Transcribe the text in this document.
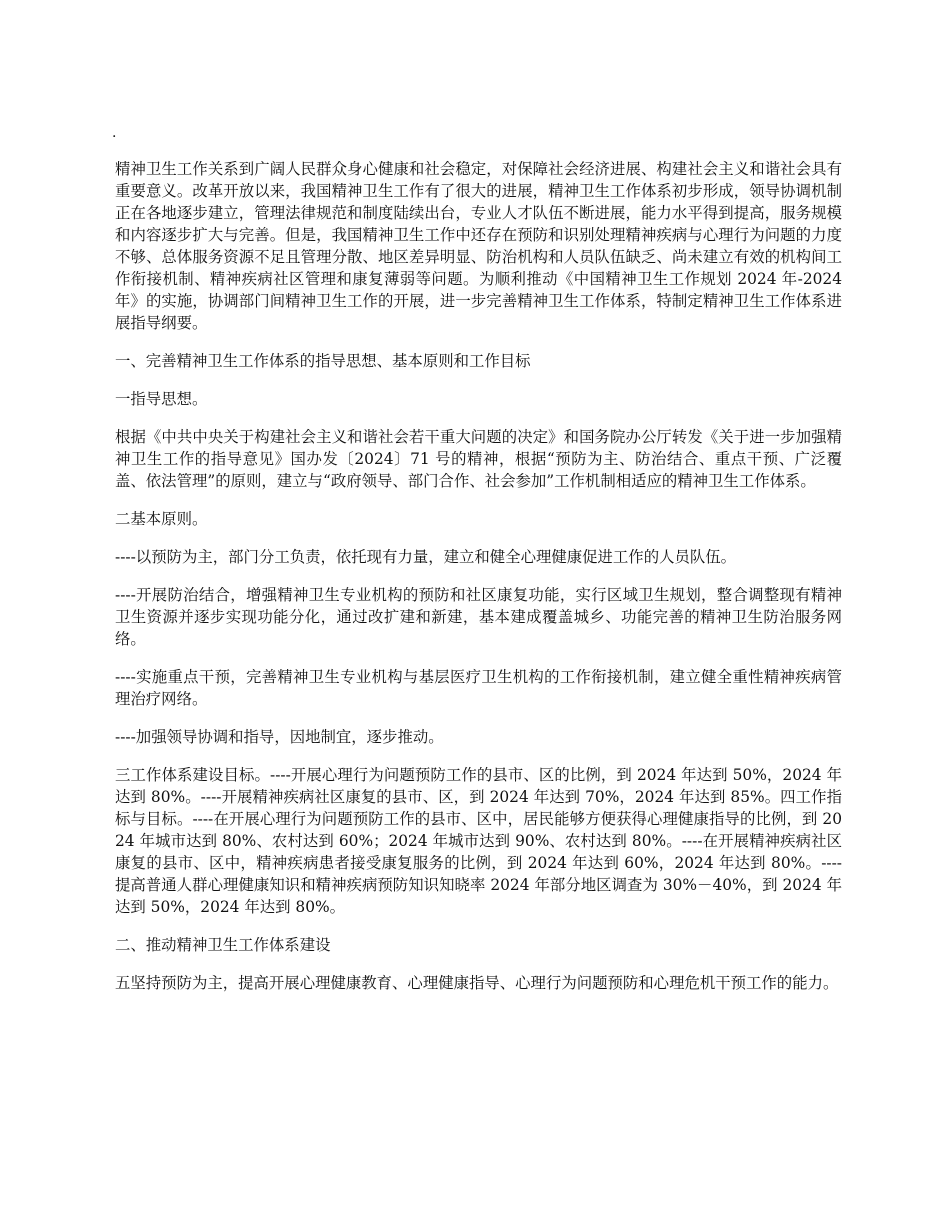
·

精神卫生工作关系到广阔人民群众身心健康和社会稳定，对保障社会经济进展、构建社会主义和谐社会具有重要意义。改革开放以来，我国精神卫生工作有了很大的进展，精神卫生工作体系初步形成，领导协调机制正在各地逐步建立，管理法律规范和制度陆续出台，专业人才队伍不断进展，能力水平得到提高，服务规模和内容逐步扩大与完善。但是，我国精神卫生工作中还存在预防和识别处理精神疾病与心理行为问题的力度不够、总体服务资源不足且管理分散、地区差异明显、防治机构和人员队伍缺乏、尚未建立有效的机构间工作衔接机制、精神疾病社区管理和康复薄弱等问题。为顺利推动《中国精神卫生工作规划 2024 年-2024 年》的实施，协调部门间精神卫生工作的开展，进一步完善精神卫生工作体系，特制定精神卫生工作体系进展指导纲要。

一、完善精神卫生工作体系的指导思想、基本原则和工作目标

一指导思想。

根据《中共中央关于构建社会主义和谐社会若干重大问题的决定》和国务院办公厅转发《关于进一步加强精神卫生工作的指导意见》国办发〔2024〕71 号的精神，根据“预防为主、防治结合、重点干预、广泛覆盖、依法管理”的原则，建立与“政府领导、部门合作、社会参加”工作机制相适应的精神卫生工作体系。

二基本原则。

----以预防为主，部门分工负责，依托现有力量，建立和健全心理健康促进工作的人员队伍。

----开展防治结合，增强精神卫生专业机构的预防和社区康复功能，实行区域卫生规划，整合调整现有精神卫生资源并逐步实现功能分化，通过改扩建和新建，基本建成覆盖城乡、功能完善的精神卫生防治服务网络。

----实施重点干预，完善精神卫生专业机构与基层医疗卫生机构的工作衔接机制，建立健全重性精神疾病管理治疗网络。

----加强领导协调和指导，因地制宜，逐步推动。

三工作体系建设目标。----开展心理行为问题预防工作的县市、区的比例，到 2024 年达到 50%，2024 年达到 80%。----开展精神疾病社区康复的县市、区，到 2024 年达到 70%，2024 年达到 85%。四工作指标与目标。----在开展心理行为问题预防工作的县市、区中，居民能够方便获得心理健康指导的比例，到 2024 年城市达到 80%、农村达到 60%；2024 年城市达到 90%、农村达到 80%。----在开展精神疾病社区康复的县市、区中，精神疾病患者接受康复服务的比例，到 2024 年达到 60%，2024 年达到 80%。----提高普通人群心理健康知识和精神疾病预防知识知晓率 2024 年部分地区调查为 30%－40%，到 2024 年达到 50%，2024 年达到 80%。

二、推动精神卫生工作体系建设

五坚持预防为主，提高开展心理健康教育、心理健康指导、心理行为问题预防和心理危机干预工作的能力。
